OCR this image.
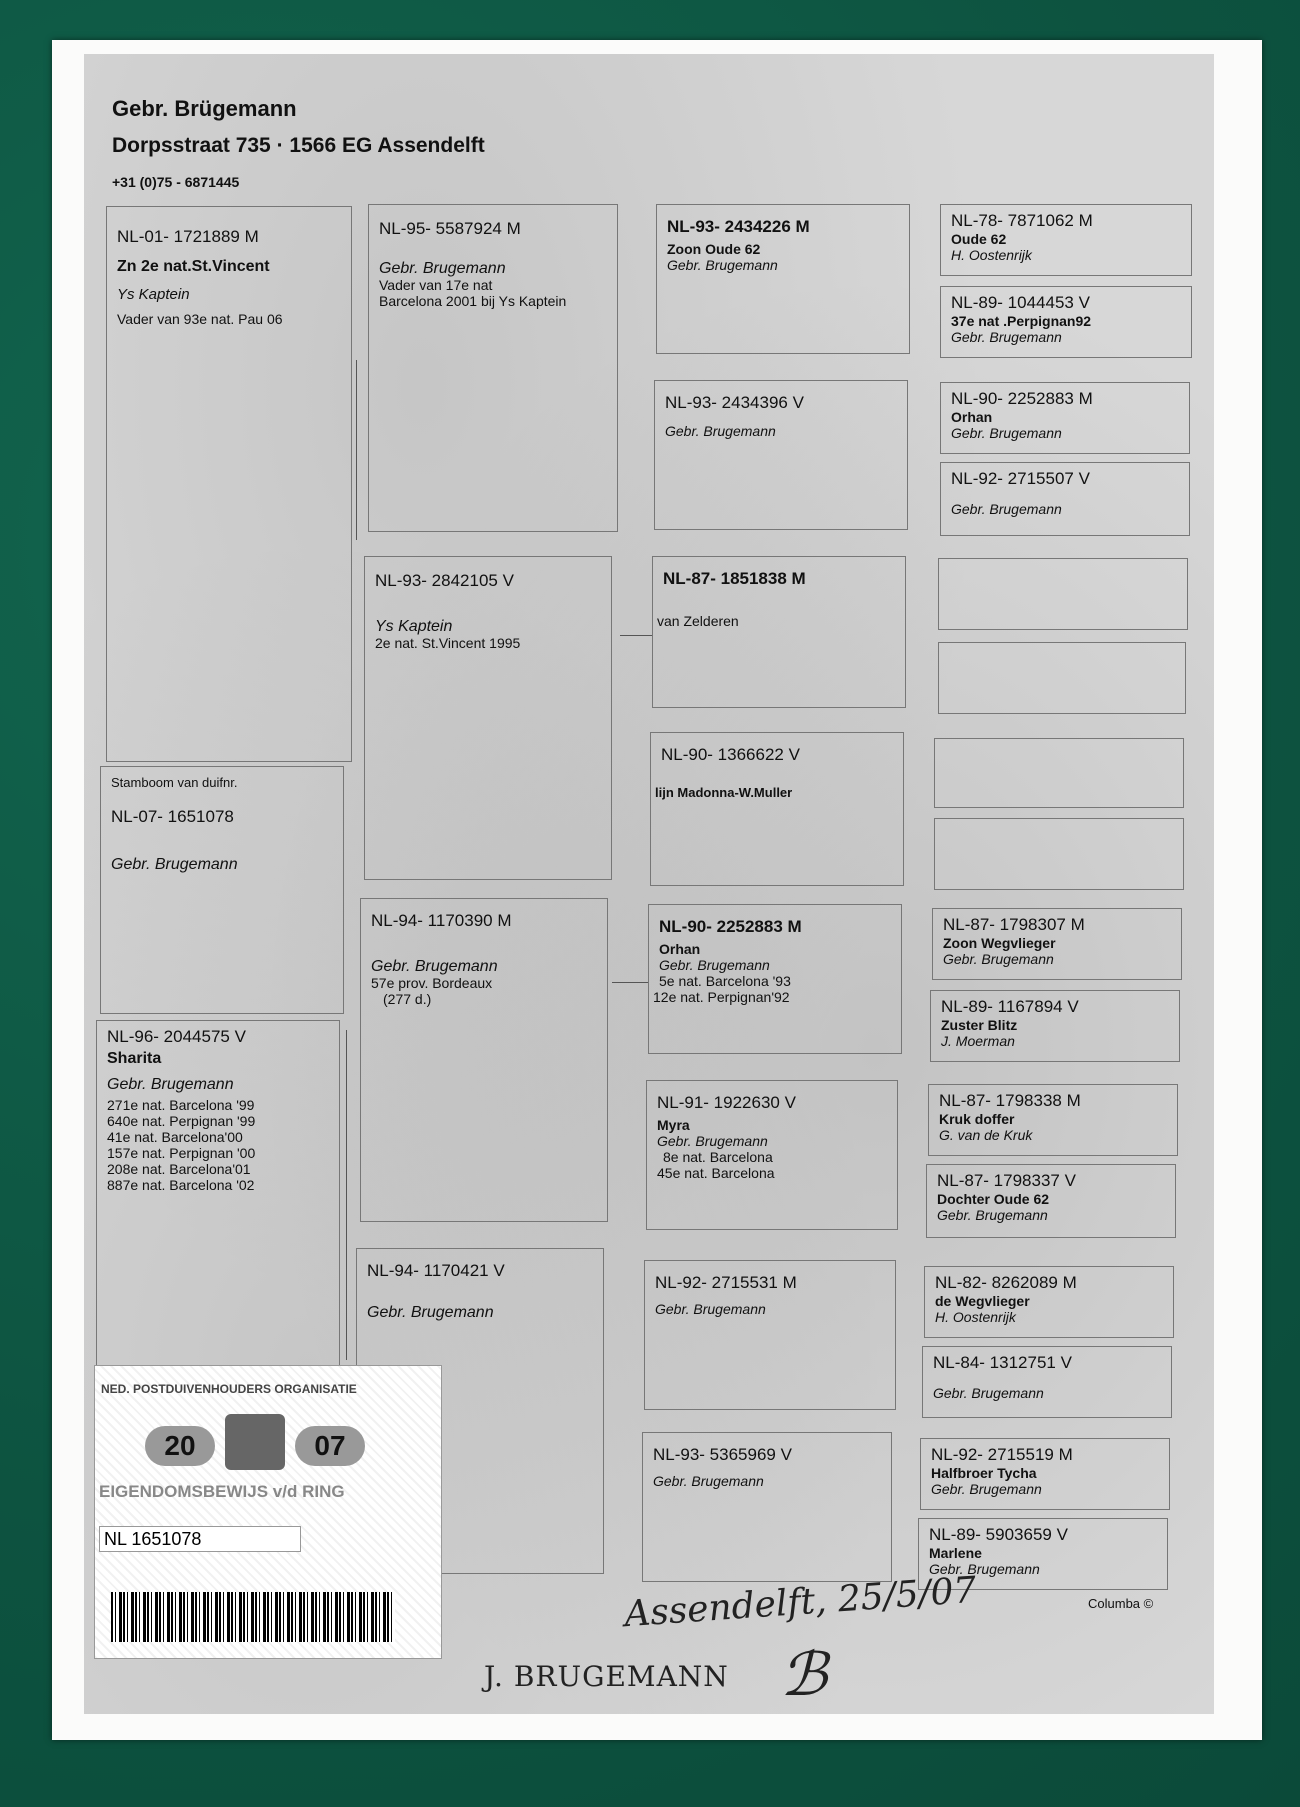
Gebr. Brügemann
Dorpsstraat 735 · 1566 EG Assendelft
+31 (0)75 - 6871445
NL-01- 1721889 M
Zn 2e nat.St.Vincent
Ys Kaptein
Vader van 93e nat. Pau 06
Stamboom van duifnr.
NL-07- 1651078
Gebr. Brugemann
NL-96- 2044575 V
Sharita
Gebr. Brugemann
271e nat. Barcelona '99
640e nat. Perpignan '99
41e nat. Barcelona'00
157e nat. Perpignan '00
208e nat. Barcelona'01
887e nat. Barcelona '02
NL-95- 5587924 M
Gebr. Brugemann
Vader van 17e nat
Barcelona 2001 bij Ys Kaptein
NL-93- 2842105 V
Ys Kaptein
2e nat. St.Vincent 1995
NL-94- 1170390 M
Gebr. Brugemann
57e prov. Bordeaux
(277 d.)
NL-94- 1170421 V
Gebr. Brugemann
NL-93- 2434226 M
Zoon Oude 62
Gebr. Brugemann
NL-93- 2434396 V
Gebr. Brugemann
NL-87- 1851838 M
van Zelderen
NL-90- 1366622 V
lijn Madonna-W.Muller
NL-90- 2252883 M
Orhan
Gebr. Brugemann
5e nat. Barcelona '93
12e nat. Perpignan'92
NL-91- 1922630 V
Myra
Gebr. Brugemann
8e nat. Barcelona
45e nat. Barcelona
NL-92- 2715531 M
Gebr. Brugemann
NL-93- 5365969 V
Gebr. Brugemann
NL-78- 7871062 M
Oude 62
H. Oostenrijk
NL-89- 1044453 V
37e nat .Perpignan92
Gebr. Brugemann
NL-90- 2252883 M
Orhan
Gebr. Brugemann
NL-92- 2715507 V
Gebr. Brugemann
NL-87- 1798307 M
Zoon Wegvlieger
Gebr. Brugemann
NL-89- 1167894 V
Zuster Blitz
J. Moerman
NL-87- 1798338 M
Kruk doffer
G. van de Kruk
NL-87- 1798337 V
Dochter Oude 62
Gebr. Brugemann
NL-82- 8262089 M
de Wegvlieger
H. Oostenrijk
NL-84- 1312751 V
Gebr. Brugemann
NL-92- 2715519 M
Halfbroer Tycha
Gebr. Brugemann
NL-89- 5903659 V
Marlene
Gebr. Brugemann
NED. POSTDUIVENHOUDERS ORGANISATIE
20	07
EIGENDOMSBEWIJS v/d RING
NL 1651078
Assendelft, 25/5/07
J. BRUGEMANN ℬ
Columba ©
